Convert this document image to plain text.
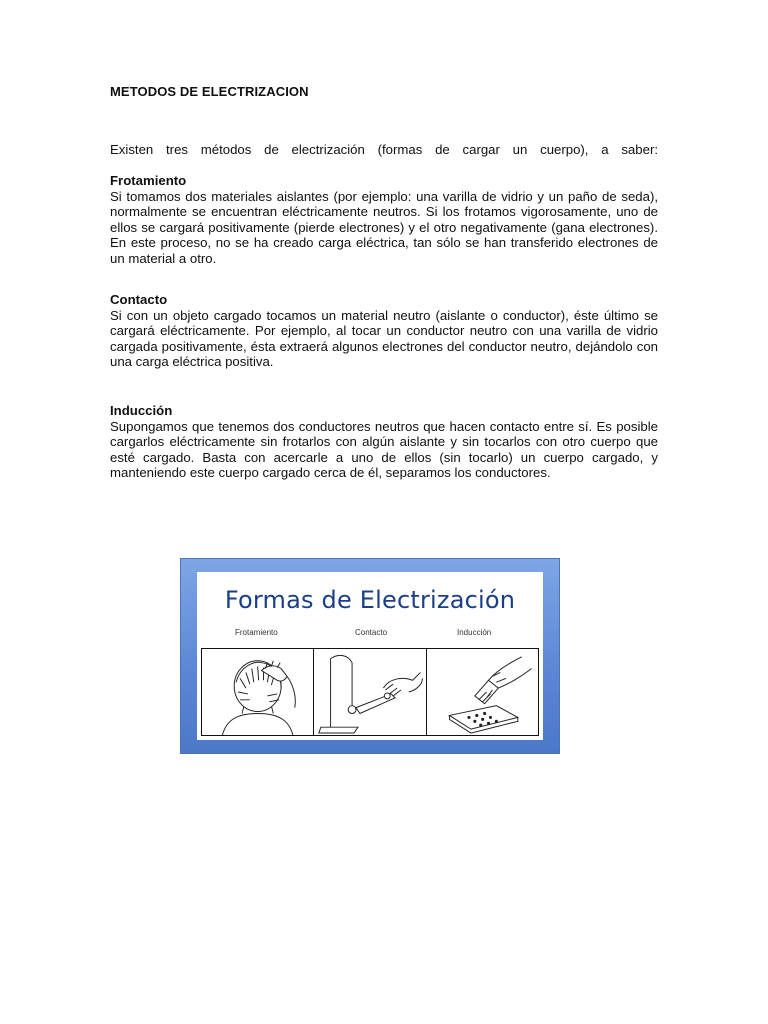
METODOS DE ELECTRIZACION
Existen tres métodos de electrización (formas de cargar un cuerpo), a saber:
Frotamiento

Si tomamos dos materiales aislantes (por ejemplo: una varilla de vidrio y un paño de seda), normalmente se encuentran eléctricamente neutros. Si los frotamos vigorosamente, uno de ellos se cargará positivamente (pierde electrones) y el otro negativamente (gana electrones). En este proceso, no se ha creado carga eléctrica, tan sólo se han transferido electrones de un material a otro.

Contacto

Si con un objeto cargado tocamos un material neutro (aislante o conductor), éste último se cargará eléctricamente. Por ejemplo, al tocar un conductor neutro con una varilla de vidrio cargada positivamente, ésta extraerá algunos electrones del conductor neutro, dejándolo con una carga eléctrica positiva.

Inducción

Supongamos que tenemos dos conductores neutros que hacen contacto entre sí. Es posible cargarlos eléctricamente sin frotarlos con algún aislante y sin tocarlos con otro cuerpo que esté cargado. Basta con acercarle a uno de ellos (sin tocarlo) un cuerpo cargado, y manteniendo este cuerpo cargado cerca de él, separamos los conductores.

Formas de Electrización
Frotamiento	Contacto	Inducción
